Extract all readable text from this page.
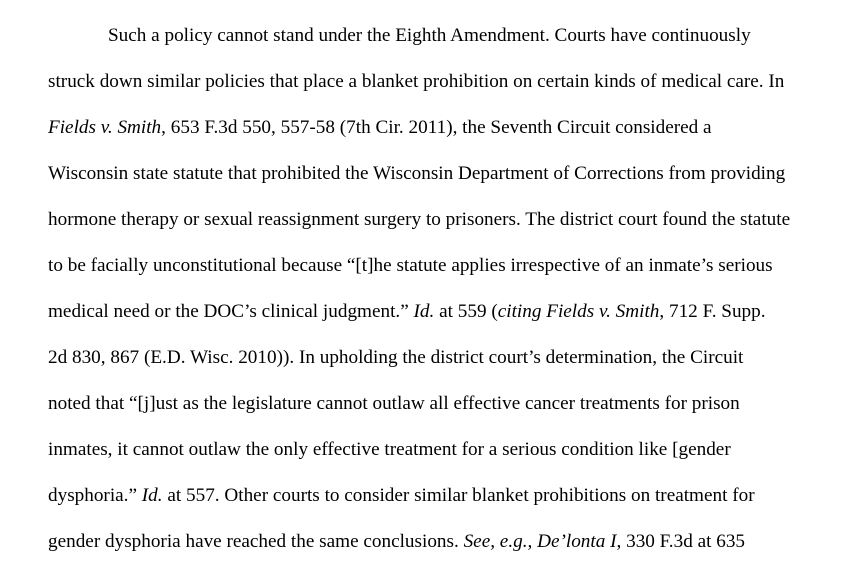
Such a policy cannot stand under the Eighth Amendment. Courts have continuously
struck down similar policies that place a blanket prohibition on certain kinds of medical care. In
Fields v. Smith, 653 F.3d 550, 557-58 (7th Cir. 2011), the Seventh Circuit considered a
Wisconsin state statute that prohibited the Wisconsin Department of Corrections from providing
hormone therapy or sexual reassignment surgery to prisoners. The district court found the statute
to be facially unconstitutional because “[t]he statute applies irrespective of an inmate’s serious
medical need or the DOC’s clinical judgment.” Id. at 559 (citing Fields v. Smith, 712 F. Supp.
2d 830, 867 (E.D. Wisc. 2010)). In upholding the district court’s determination, the Circuit
noted that “[j]ust as the legislature cannot outlaw all effective cancer treatments for prison
inmates, it cannot outlaw the only effective treatment for a serious condition like [gender
dysphoria.” Id. at 557. Other courts to consider similar blanket prohibitions on treatment for
gender dysphoria have reached the same conclusions. See, e.g., De’lonta I, 330 F.3d at 635
